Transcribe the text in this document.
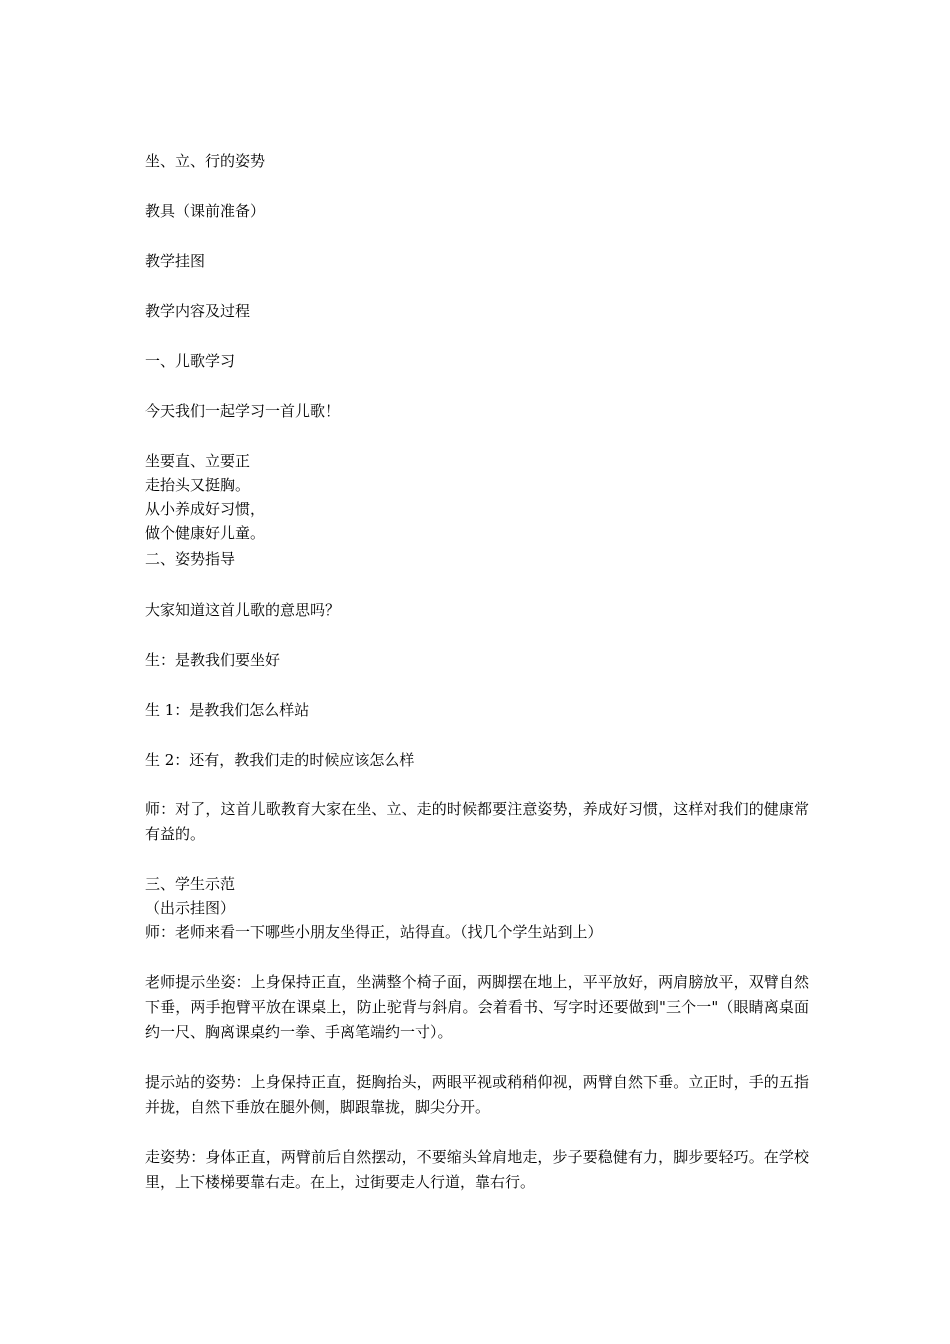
坐、立、行的姿势

教具（课前准备）

教学挂图

教学内容及过程

一、儿歌学习

今天我们一起学习一首儿歌！

坐要直、立要正

走抬头又挺胸。

从小养成好习惯，

做个健康好儿童。

二、姿势指导

大家知道这首儿歌的意思吗？

生：是教我们要坐好

生 1：是教我们怎么样站

生 2：还有，教我们走的时候应该怎么样

师：对了，这首儿歌教育大家在坐、立、走的时候都要注意姿势，养成好习惯，这样对我们的健康常有益的。

三、学生示范

（出示挂图）

师：老师来看一下哪些小朋友坐得正，站得直。（找几个学生站到上）

老师提示坐姿：上身保持正直，坐满整个椅子面，两脚摆在地上，平平放好，两肩膀放平，双臂自然下垂，两手抱臂平放在课桌上，防止驼背与斜肩。会着看书、写字时还要做到"三个一"（眼睛离桌面约一尺、胸离课桌约一拳、手离笔端约一寸）。

提示站的姿势：上身保持正直，挺胸抬头，两眼平视或稍稍仰视，两臂自然下垂。立正时，手的五指并拢，自然下垂放在腿外侧，脚跟靠拢，脚尖分开。

走姿势：身体正直，两臂前后自然摆动，不要缩头耸肩地走，步子要稳健有力，脚步要轻巧。在学校里，上下楼梯要靠右走。在上，过街要走人行道，靠右行。
